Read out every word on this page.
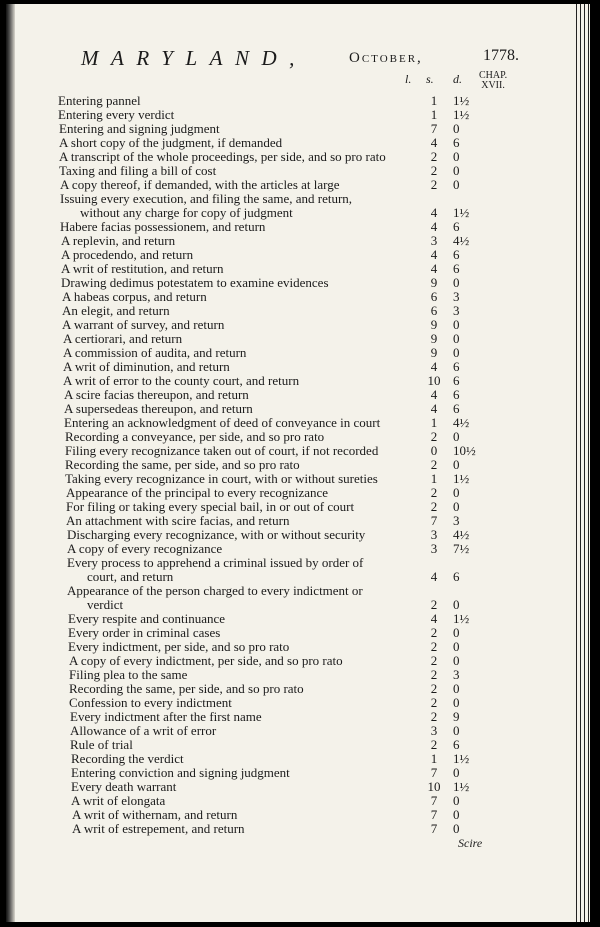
MARYLAND,	October,	1778.
l. s. d. CHAP.
XVII.
Entering pannel	1 1½
Entering every verdict	1 1½
Entering and signing judgment	7 0
A short copy of the judgment, if demanded	4 6
A transcript of the whole proceedings, per side, and so pro rato	2 0
Taxing and filing a bill of cost	2 0
A copy thereof, if demanded, with the articles at large	2 0
Issuing every execution, and filing the same, and return,
without any charge for copy of judgment	4 1½
Habere facias possessionem, and return	4 6
A replevin, and return	3 4½
A procedendo, and return	4 6
A writ of restitution, and return	4 6
Drawing dedimus potestatem to examine evidences	9 0
A habeas corpus, and return	6 3
An elegit, and return	6 3
A warrant of survey, and return	9 0
A certiorari, and return	9 0
A commission of audita, and return	9 0
A writ of diminution, and return	4 6
A writ of error to the county court, and return	10 6
A scire facias thereupon, and return	4 6
A supersedeas thereupon, and return	4 6
Entering an acknowledgment of deed of conveyance in court	1 4½
Recording a conveyance, per side, and so pro rato	2 0
Filing every recognizance taken out of court, if not recorded	0 10½
Recording the same, per side, and so pro rato	2 0
Taking every recognizance in court, with or without sureties	1 1½
Appearance of the principal to every recognizance	2 0
For filing or taking every special bail, in or out of court	2 0
An attachment with scire facias, and return	7 3
Discharging every recognizance, with or without security	3 4½
A copy of every recognizance	3 7½
Every process to apprehend a criminal issued by order of
court, and return	4 6
Appearance of the person charged to every indictment or
verdict	2 0
Every respite and continuance	4 1½
Every order in criminal cases	2 0
Every indictment, per side, and so pro rato	2 0
A copy of every indictment, per side, and so pro rato	2 0
Filing plea to the same	2 3
Recording the same, per side, and so pro rato	2 0
Confession to every indictment	2 0
Every indictment after the first name	2 9
Allowance of a writ of error	3 0
Rule of trial	2 6
Recording the verdict	1 1½
Entering conviction and signing judgment	7 0
Every death warrant	10 1½
A writ of elongata	7 0
A writ of withernam, and return	7 0
A writ of estrepement, and return	7 0
Scire
